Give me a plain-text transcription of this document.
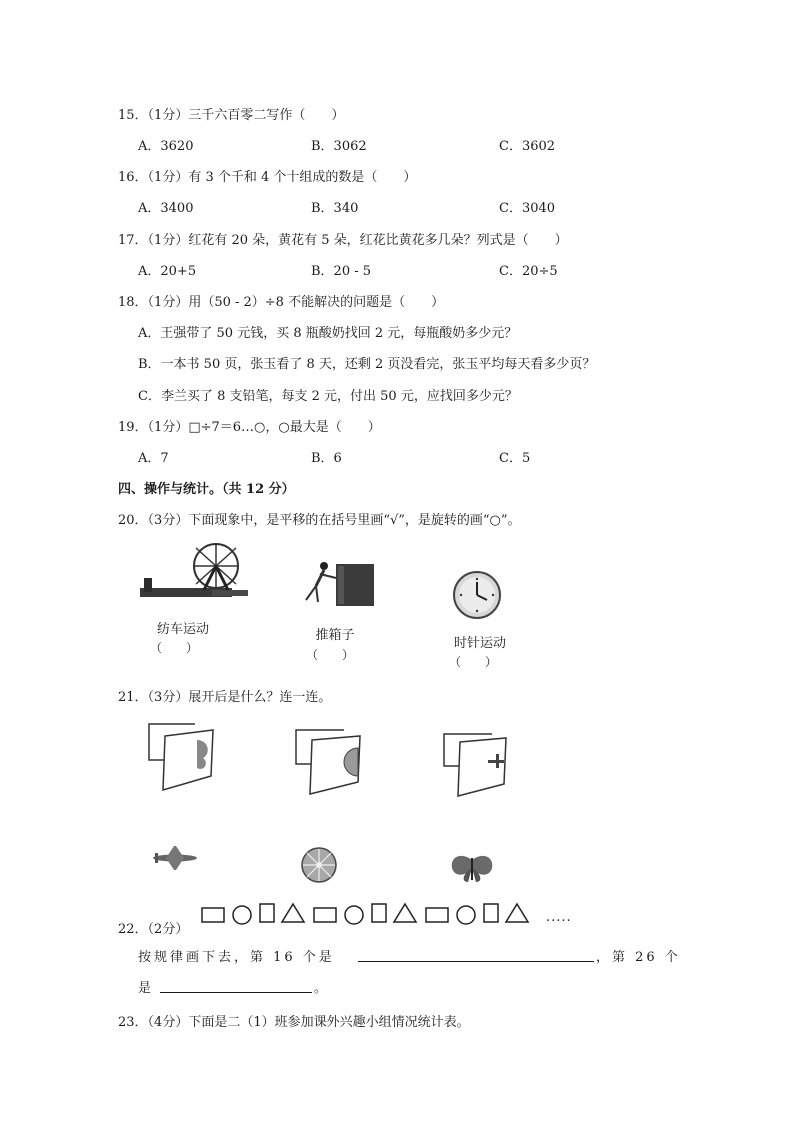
15．（1分）三千六百零二写作（　　）
A．3620	B．3062	C．3602
16．（1分）有 3 个千和 4 个十组成的数是（　　）
A．3400	B．340	C．3040
17．（1分）红花有 20 朵，黄花有 5 朵，红花比黄花多几朵？列式是（　　）
A．20+5	B．20 - 5	C．20÷5
18．（1分）用（50 - 2）÷8 不能解决的问题是（　　）
A．王强带了 50 元钱，买 8 瓶酸奶找回 2 元，每瓶酸奶多少元？
B．一本书 50 页，张玉看了 8 天，还剩 2 页没看完，张玉平均每天看多少页？
C．李兰买了 8 支铅笔，每支 2 元，付出 50 元，应找回多少元？
19．（1分）□÷7＝6…○，○最大是（　　）
A．7	B．6	C．5
四、操作与统计。（共 12 分）
20．（3分）下面现象中，是平移的在括号里画“√”，是旋转的画“○”。
纺车运动
（　　）
推箱子
（　　）
时针运动
（　　）
21．（3分）展开后是什么？连一连。
22．（2分）
.....
按规律画下去，第 16 个是	，第 26 个
是	。
23．（4分）下面是二（1）班参加课外兴趣小组情况统计表。
